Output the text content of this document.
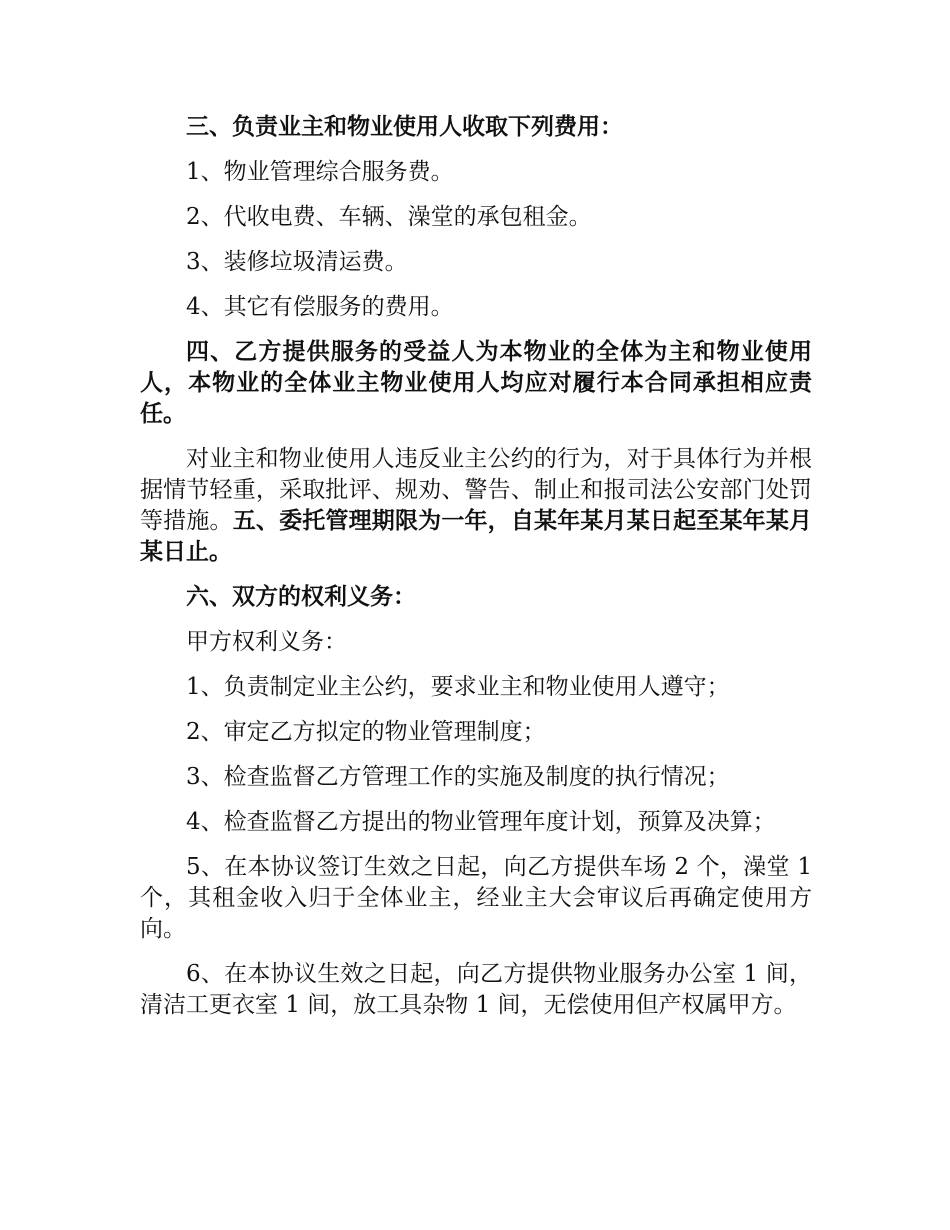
三、负责业主和物业使用人收取下列费用：

1、物业管理综合服务费。

2、代收电费、车辆、澡堂的承包租金。

3、装修垃圾清运费。

4、其它有偿服务的费用。

四、乙方提供服务的受益人为本物业的全体为主和物业使用人，本物业的全体业主物业使用人均应对履行本合同承担相应责任。

对业主和物业使用人违反业主公约的行为，对于具体行为并根据情节轻重，采取批评、规劝、警告、制止和报司法公安部门处罚等措施。五、委托管理期限为一年，自某年某月某日起至某年某月某日止。

六、双方的权利义务：

甲方权利义务：

1、负责制定业主公约，要求业主和物业使用人遵守；

2、审定乙方拟定的物业管理制度；

3、检查监督乙方管理工作的实施及制度的执行情况；

4、检查监督乙方提出的物业管理年度计划，预算及决算；

5、在本协议签订生效之日起，向乙方提供车场 2 个，澡堂 1 个，其租金收入归于全体业主，经业主大会审议后再确定使用方向。

6、在本协议生效之日起，向乙方提供物业服务办公室 1 间，清洁工更衣室 1 间，放工具杂物 1 间，无偿使用但产权属甲方。
